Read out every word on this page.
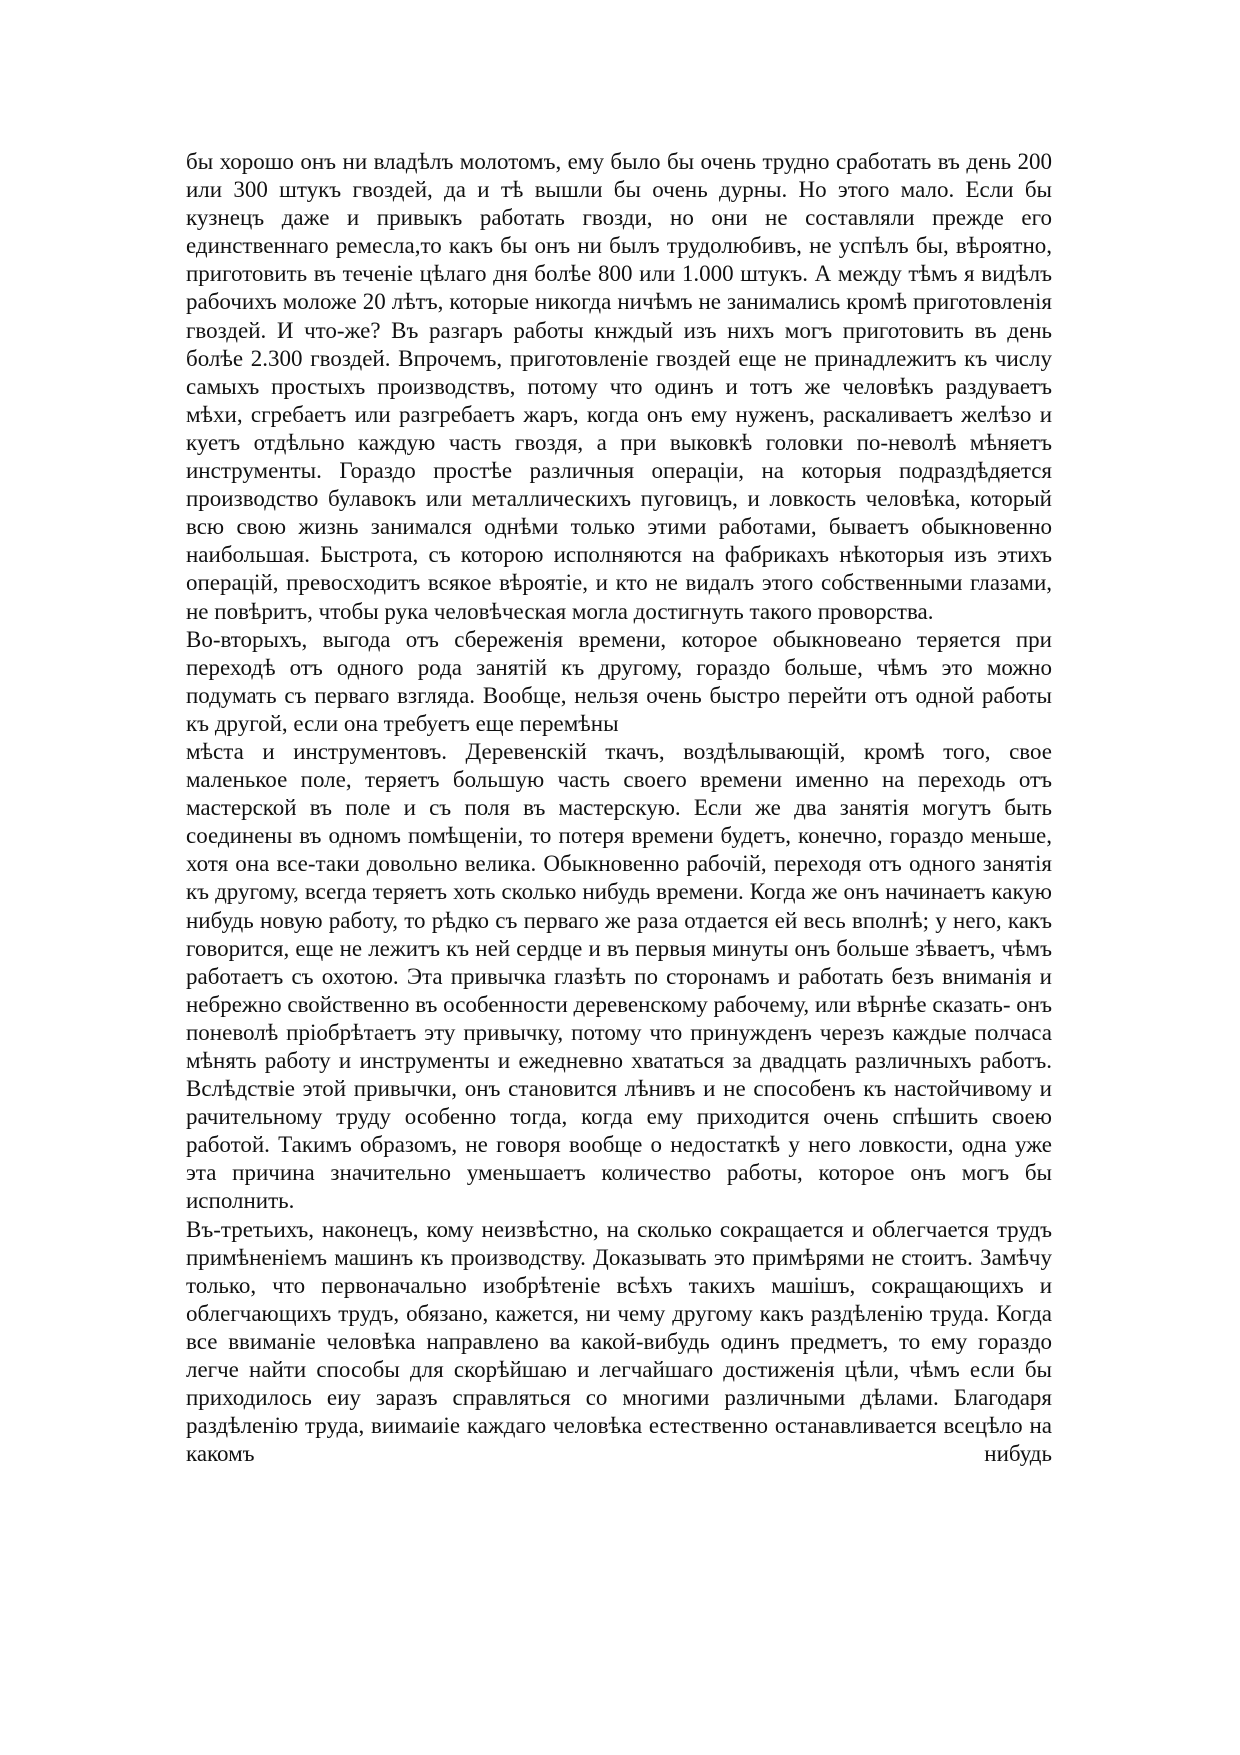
бы хорошо онъ ни владѣлъ молотомъ, ему было бы очень трудно сработать въ день 200 или 300 штукъ гвоздей, да и тѣ вышли бы очень дурны. Но этого мало. Если бы кузнецъ даже и привыкъ работать гвозди, но они не составляли прежде его единственнаго ремесла,то какъ бы онъ ни былъ трудолюбивъ, не успѣлъ бы, вѣроятно, приготовить въ теченіе цѣлаго дня болѣе 800 или 1.000 штукъ. А между тѣмъ я видѣлъ рабочихъ моложе 20 лѣтъ, которые никогда ничѣмъ не занимались кромѣ приготовленія гвоздей. И что-же? Въ разгаръ работы кнждый изъ нихъ могъ приготовить въ день болѣе 2.300 гвоздей. Впрочемъ, приготовленіе гвоздей еще не принадлежитъ къ числу самыхъ простыхъ производствъ, потому что одинъ и тотъ же человѣкъ раздуваетъ мѣхи, сгребаетъ или разгребаетъ жаръ, когда онъ ему нуженъ, раскаливаетъ желѣзо и куетъ отдѣльно каждую часть гвоздя, а при выковкѣ головки по-неволѣ мѣняетъ инструменты. Гораздо простѣе различныя операціи, на которыя подраздѣдяется производство булавокъ или металлическихъ пуговицъ, и ловкость человѣка, который всю свою жизнь занимался однѣми только этими работами, бываетъ обыкновенно наибольшая. Быстрота, съ которою исполняются на фабрикахъ нѣкоторыя изъ этихъ операцій, превосходитъ всякое вѣроятіе, и кто не видалъ этого собственными глазами, не повѣритъ, чтобы рука человѣческая могла достигнуть такого проворства.

Во-вторыхъ, выгода отъ сбереженія времени, которое обыкновеано теряется при переходѣ отъ одного рода занятій къ другому, гораздо больше, чѣмъ это можно подумать съ перваго взгляда. Вообще, нельзя очень быстро перейти отъ одной работы къ другой, если она требуетъ еще перемѣны

мѣста и инструментовъ. Деревенскій ткачъ, воздѣлывающій, кромѣ того, свое маленькое поле, теряетъ большую часть своего времени именно на переходь отъ мастерской въ поле и съ поля въ мастерскую. Если же два занятія могутъ быть соединены въ одномъ помѣщеніи, то потеря времени будетъ, конечно, гораздо меньше, хотя она все-таки довольно велика. Обыкновенно рабочій, переходя отъ одного занятія къ другому, всегда теряетъ хоть сколько нибудь времени. Когда же онъ начинаетъ какую нибудь новую работу, то рѣдко съ перваго же раза отдается ей весь вполнѣ; у него, какъ говорится, еще не лежитъ къ ней сердце и въ первыя минуты онъ больше зѣваетъ, чѣмъ работаетъ съ охотою. Эта привычка глазѣть по сторонамъ и работать безъ вниманія и небрежно свойственно въ особенности деревенскому рабочему, или вѣрнѣе сказать- онъ поневолѣ пріобрѣтаетъ эту привычку, потому что принужденъ черезъ каждые полчаса мѣнять работу и инструменты и ежедневно хвататься за двадцать различныхъ работъ. Вслѣдствіе этой привычки, онъ становится лѣнивъ и не способенъ къ настойчивому и рачительному труду особенно тогда, когда ему приходится очень спѣшить своею работой. Такимъ образомъ, не говоря вообще о недостаткѣ у него ловкости, одна уже эта причина значительно уменьшаетъ количество работы, которое онъ могъ бы исполнить.

Въ-третьихъ, наконецъ, кому неизвѣстно, на сколько сокращается и облегчается трудъ примѣненіемъ машинъ къ производству. Доказывать это примѣрями не стоитъ. Замѣчу только, что первоначально изобрѣтеніе всѣхъ такихъ машішъ, сокращающихъ и облегчающихъ трудъ, обязано, кажется, ни чему другому какъ раздѣленію труда. Когда все ввиманіе человѣка направлено ва какой-вибудь одинъ предметъ, то ему гораздо легче найти способы для скорѣйшаю и легчайшаго достиженія цѣли, чѣмъ если бы приходилось еиу заразъ справляться со многими различными дѣлами. Благодаря раздѣленію труда, виимаиіе каждаго человѣка естественно останавливается всецѣло на какомъ нибудь
